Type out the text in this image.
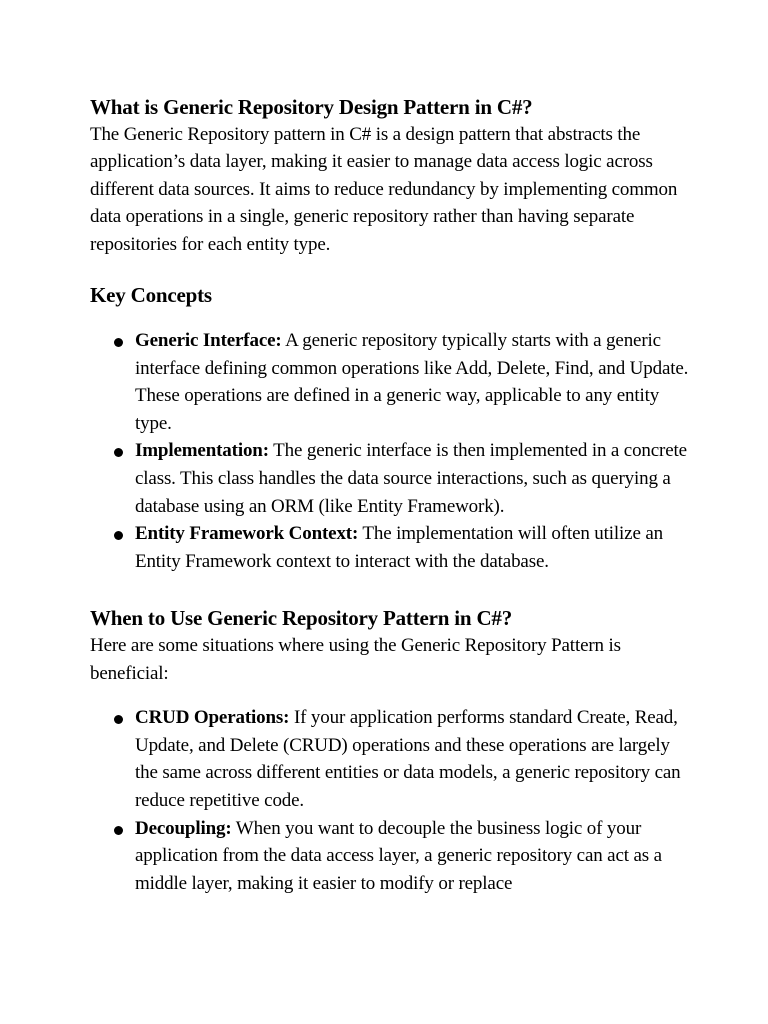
What is Generic Repository Design Pattern in C#?

The Generic Repository pattern in C# is a design pattern that abstracts the application’s data layer, making it easier to manage data access logic across different data sources. It aims to reduce redundancy by implementing common data operations in a single, generic repository rather than having separate repositories for each entity type.

Key Concepts
Generic Interface: A generic repository typically starts with a generic interface defining common operations like Add, Delete, Find, and Update. These operations are defined in a generic way, applicable to any entity type.
Implementation: The generic interface is then implemented in a concrete class. This class handles the data source interactions, such as querying a database using an ORM (like Entity Framework).
Entity Framework Context: The implementation will often utilize an Entity Framework context to interact with the database.
When to Use Generic Repository Pattern in C#?

Here are some situations where using the Generic Repository Pattern is beneficial:

CRUD Operations: If your application performs standard Create, Read, Update, and Delete (CRUD) operations and these operations are largely the same across different entities or data models, a generic repository can reduce repetitive code.
Decoupling: When you want to decouple the business logic of your application from the data access layer, a generic repository can act as a middle layer, making it easier to modify or replace
